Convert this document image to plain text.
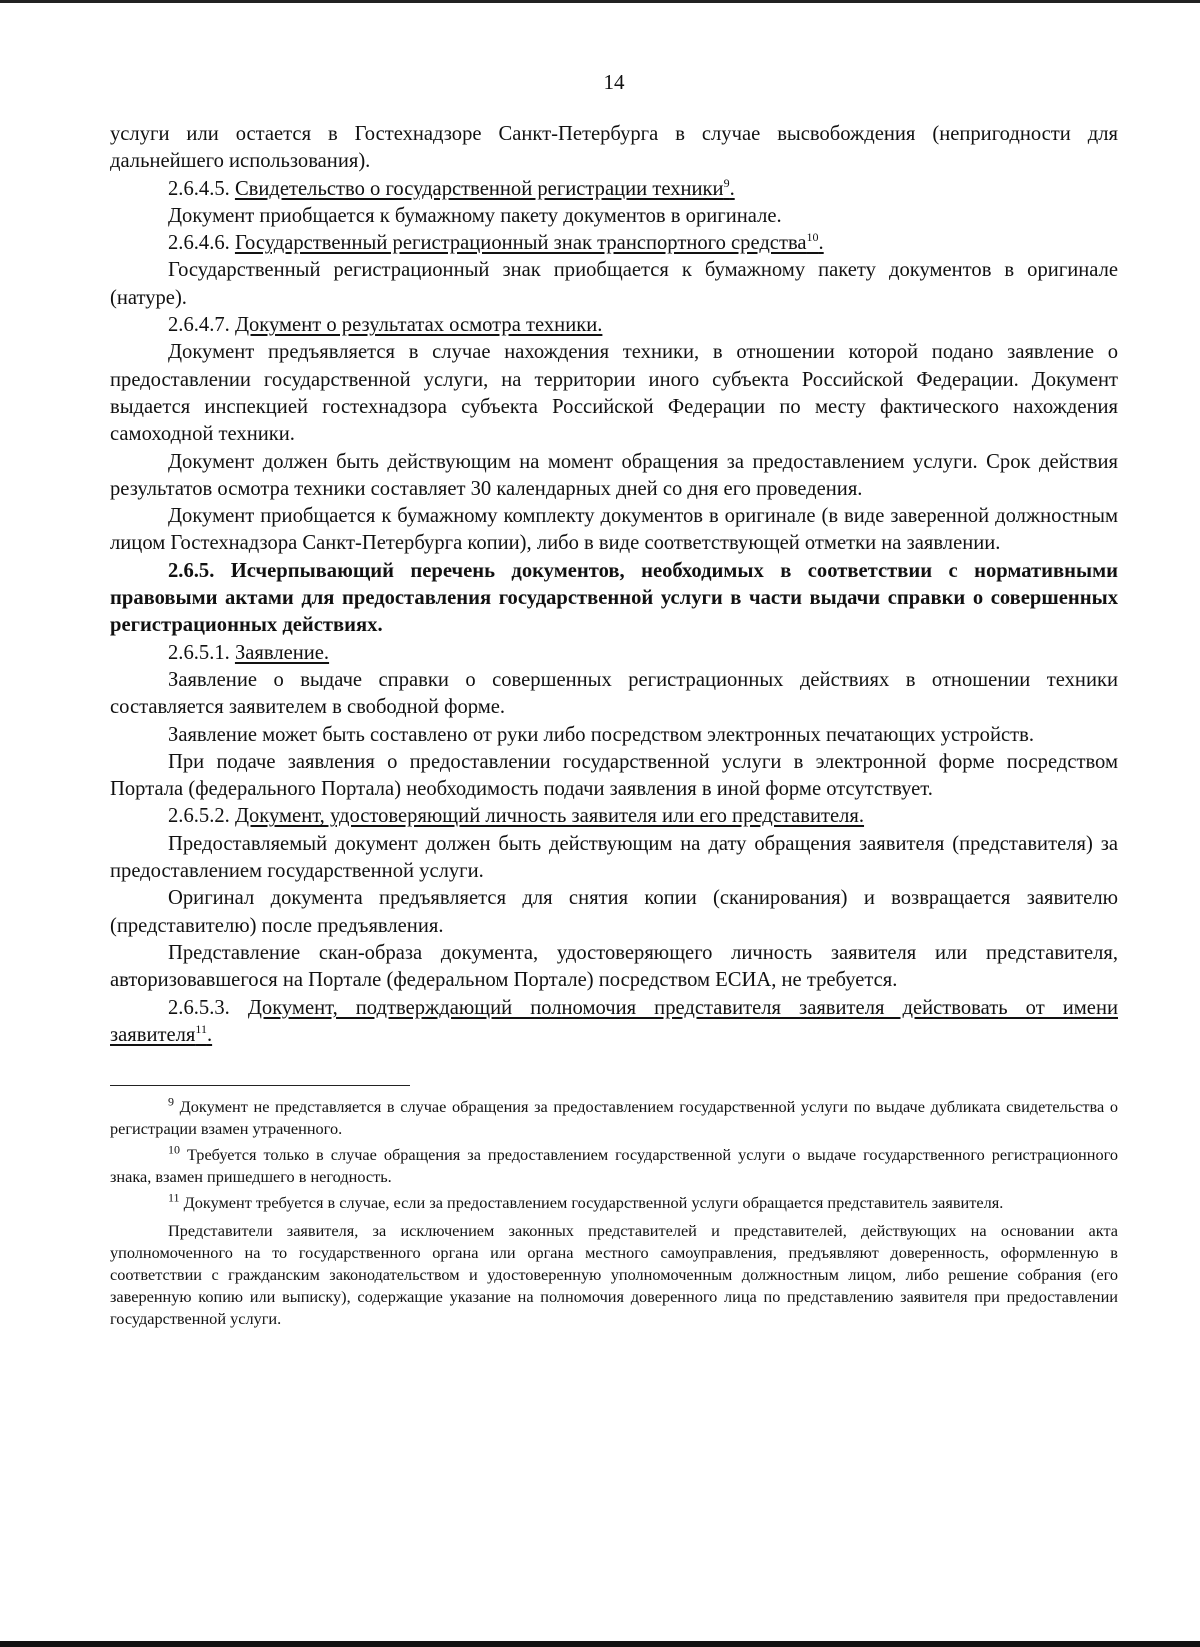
14

услуги или остается в Гостехнадзоре Санкт-Петербурга в случае высвобождения (непригодности для дальнейшего использования).

2.6.4.5. Свидетельство о государственной регистрации техники$^9$.

Документ приобщается к бумажному пакету документов в оригинале.

2.6.4.6. Государственный регистрационный знак транспортного средства$^{10}$.

Государственный регистрационный знак приобщается к бумажному пакету документов в оригинале (натуре).

2.6.4.7. Документ о результатах осмотра техники.

Документ предъявляется в случае нахождения техники, в отношении которой подано заявление о предоставлении государственной услуги, на территории иного субъекта Российской Федерации. Документ выдается инспекцией гостехнадзора субъекта Российской Федерации по месту фактического нахождения самоходной техники.

Документ должен быть действующим на момент обращения за предоставлением услуги. Срок действия результатов осмотра техники составляет 30 календарных дней со дня его проведения.

Документ приобщается к бумажному комплекту документов в оригинале (в виде заверенной должностным лицом Гостехнадзора Санкт-Петербурга копии), либо в виде соответствующей отметки на заявлении.

2.6.5. Исчерпывающий перечень документов, необходимых в соответствии с нормативными правовыми актами для предоставления государственной услуги в части выдачи справки о совершенных регистрационных действиях.

2.6.5.1. Заявление.

Заявление о выдаче справки о совершенных регистрационных действиях в отношении техники составляется заявителем в свободной форме.

Заявление может быть составлено от руки либо посредством электронных печатающих устройств.

При подаче заявления о предоставлении государственной услуги в электронной форме посредством Портала (федерального Портала) необходимость подачи заявления в иной форме отсутствует.

2.6.5.2. Документ, удостоверяющий личность заявителя или его представителя.

Предоставляемый документ должен быть действующим на дату обращения заявителя (представителя) за предоставлением государственной услуги.

Оригинал документа предъявляется для снятия копии (сканирования) и возвращается заявителю (представителю) после предъявления.

Представление скан-образа документа, удостоверяющего личность заявителя или представителя, авторизовавшегося на Портале (федеральном Портале) посредством ЕСИА, не требуется.

2.6.5.3. Документ, подтверждающий полномочия представителя заявителя действовать от имени заявителя$^{11}$.

$^9$ Документ не представляется в случае обращения за предоставлением государственной услуги по выдаче дубликата свидетельства о регистрации взамен утраченного.

$^{10}$ Требуется только в случае обращения за предоставлением государственной услуги о выдаче государственного регистрационного знака, взамен пришедшего в негодность.

$^{11}$ Документ требуется в случае, если за предоставлением государственной услуги обращается представитель заявителя.

Представители заявителя, за исключением законных представителей и представителей, действующих на основании акта уполномоченного на то государственного органа или органа местного самоуправления, предъявляют доверенность, оформленную в соответствии с гражданским законодательством и удостоверенную уполномоченным должностным лицом, либо решение собрания (его заверенную копию или выписку), содержащие указание на полномочия доверенного лица по представлению заявителя при предоставлении государственной услуги.
